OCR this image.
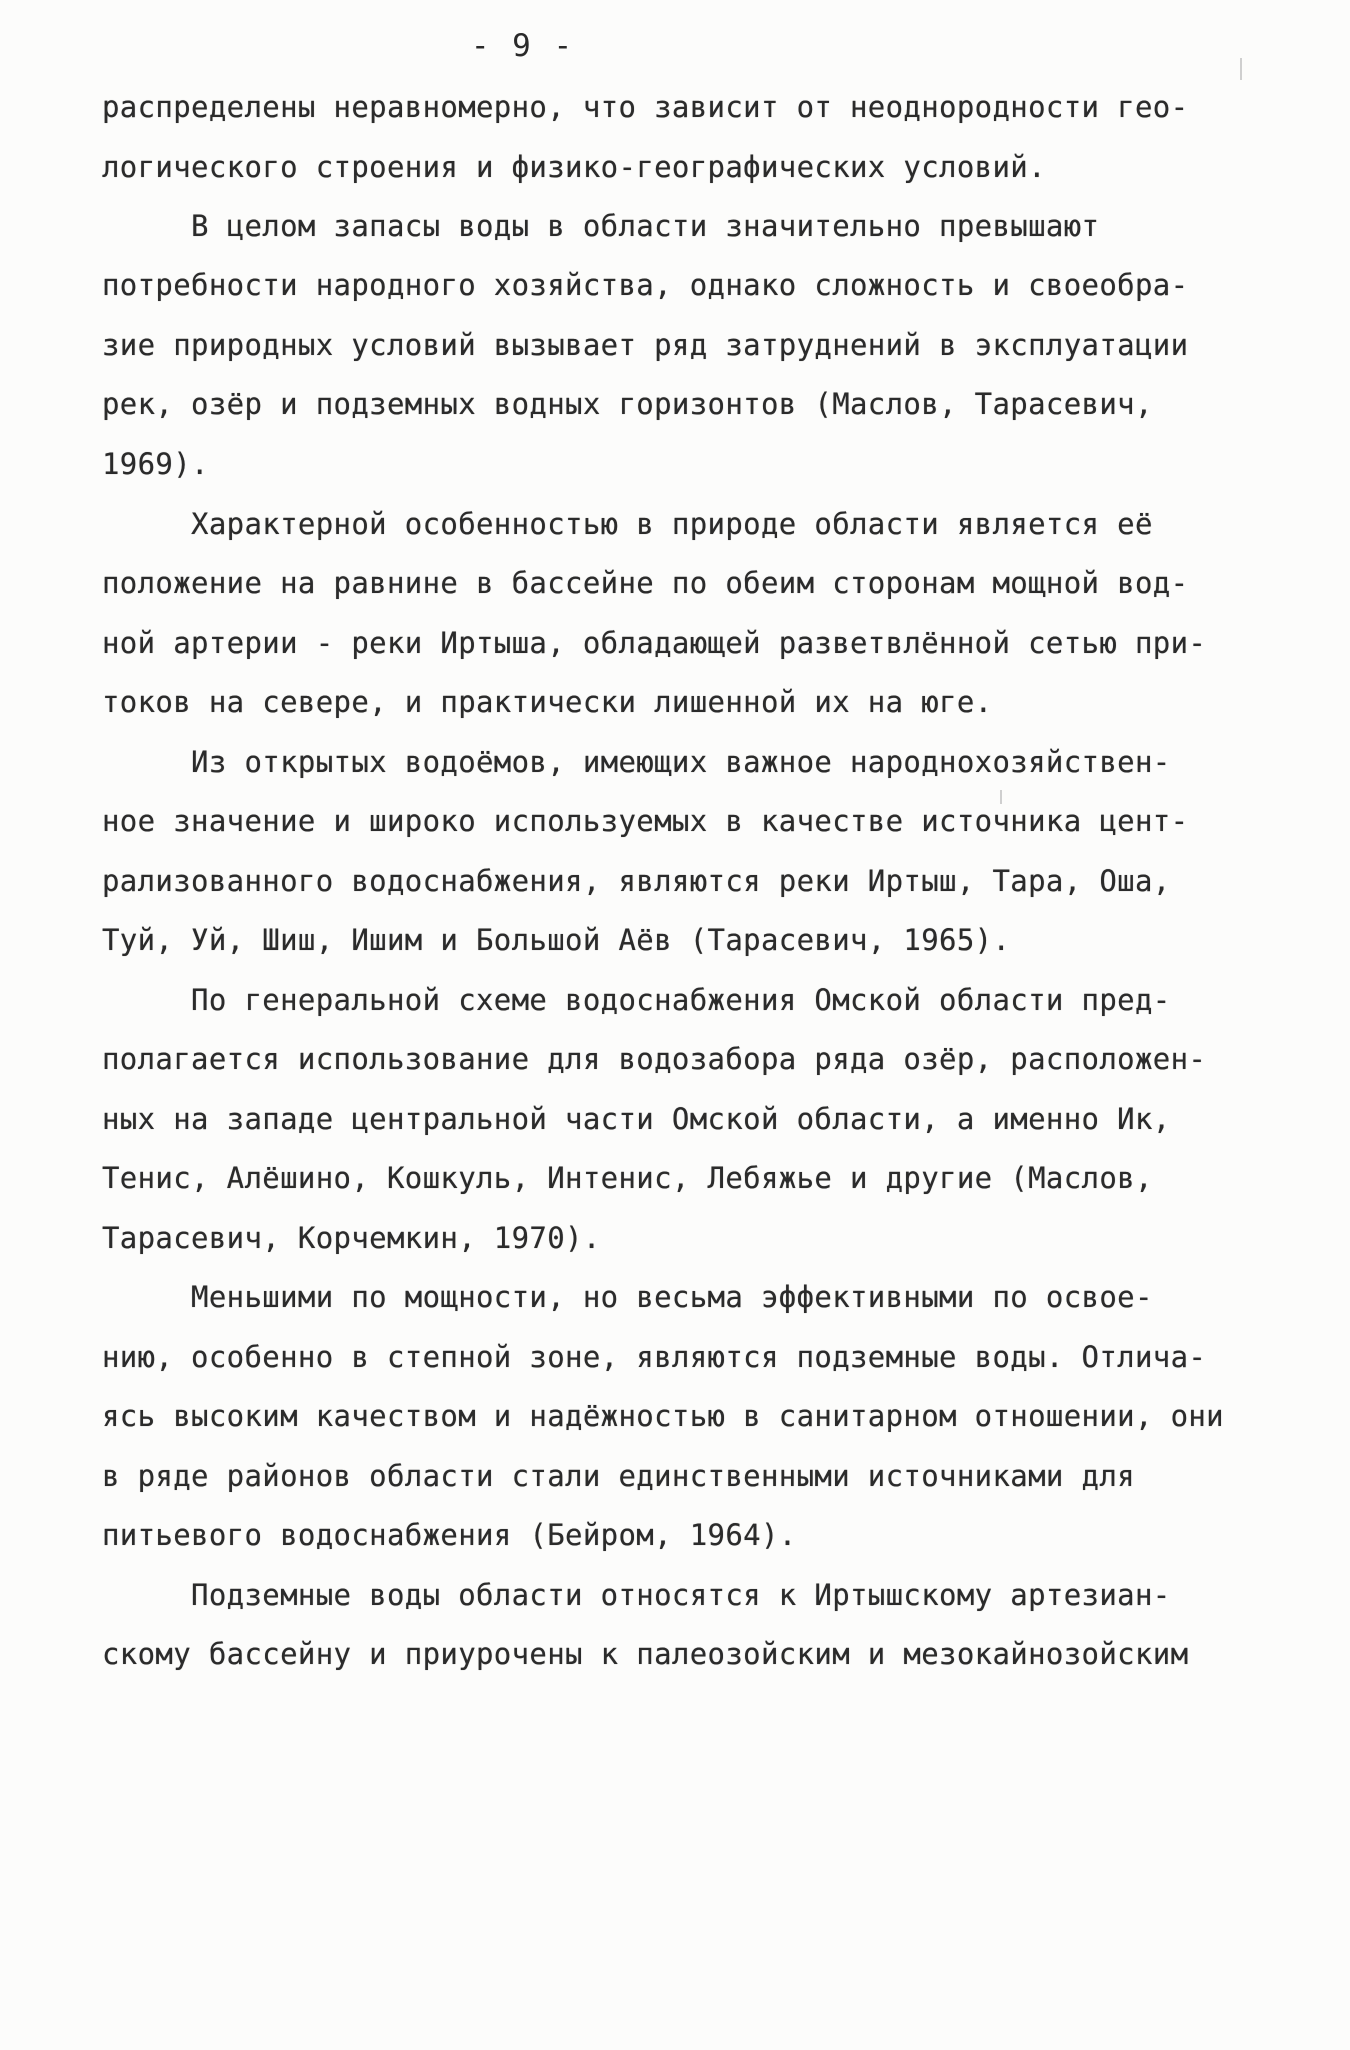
- 9 -
распределены неравномерно, что зависит от неоднородности гео-
логического строения и физико-географических условий.
В целом запасы воды в области значительно превышают
потребности народного хозяйства, однако сложность и своеобра-
зие природных условий вызывает ряд затруднений в эксплуатации
рек, озёр и подземных водных горизонтов (Маслов, Тарасевич,
1969).
Характерной особенностью в природе области является её
положение на равнине в бассейне по обеим сторонам мощной вод-
ной артерии - реки Иртыша, обладающей разветвлённой сетью при-
токов на севере, и практически лишенной их на юге.
Из открытых водоёмов, имеющих важное народнохозяйствен-
ное значение и широко используемых в качестве источника цент-
рализованного водоснабжения, являются реки Иртыш, Тара, Оша,
Туй, Уй, Шиш, Ишим и Большой Аёв (Тарасевич, 1965).
По генеральной схеме водоснабжения Омской области пред-
полагается использование для водозабора ряда озёр, расположен-
ных на западе центральной части Омской области, а именно Ик,
Тенис, Алёшино, Кошкуль, Интенис, Лебяжье и другие (Маслов,
Тарасевич, Корчемкин, 1970).
Меньшими по мощности, но весьма эффективными по освое-
нию, особенно в степной зоне, являются подземные воды. Отлича-
ясь высоким качеством и надёжностью в санитарном отношении, они
в ряде районов области стали единственными источниками для
питьевого водоснабжения (Бейром, 1964).
Подземные воды области относятся к Иртышскому артезиан-
скому бассейну и приурочены к палеозойским и мезокайнозойским
